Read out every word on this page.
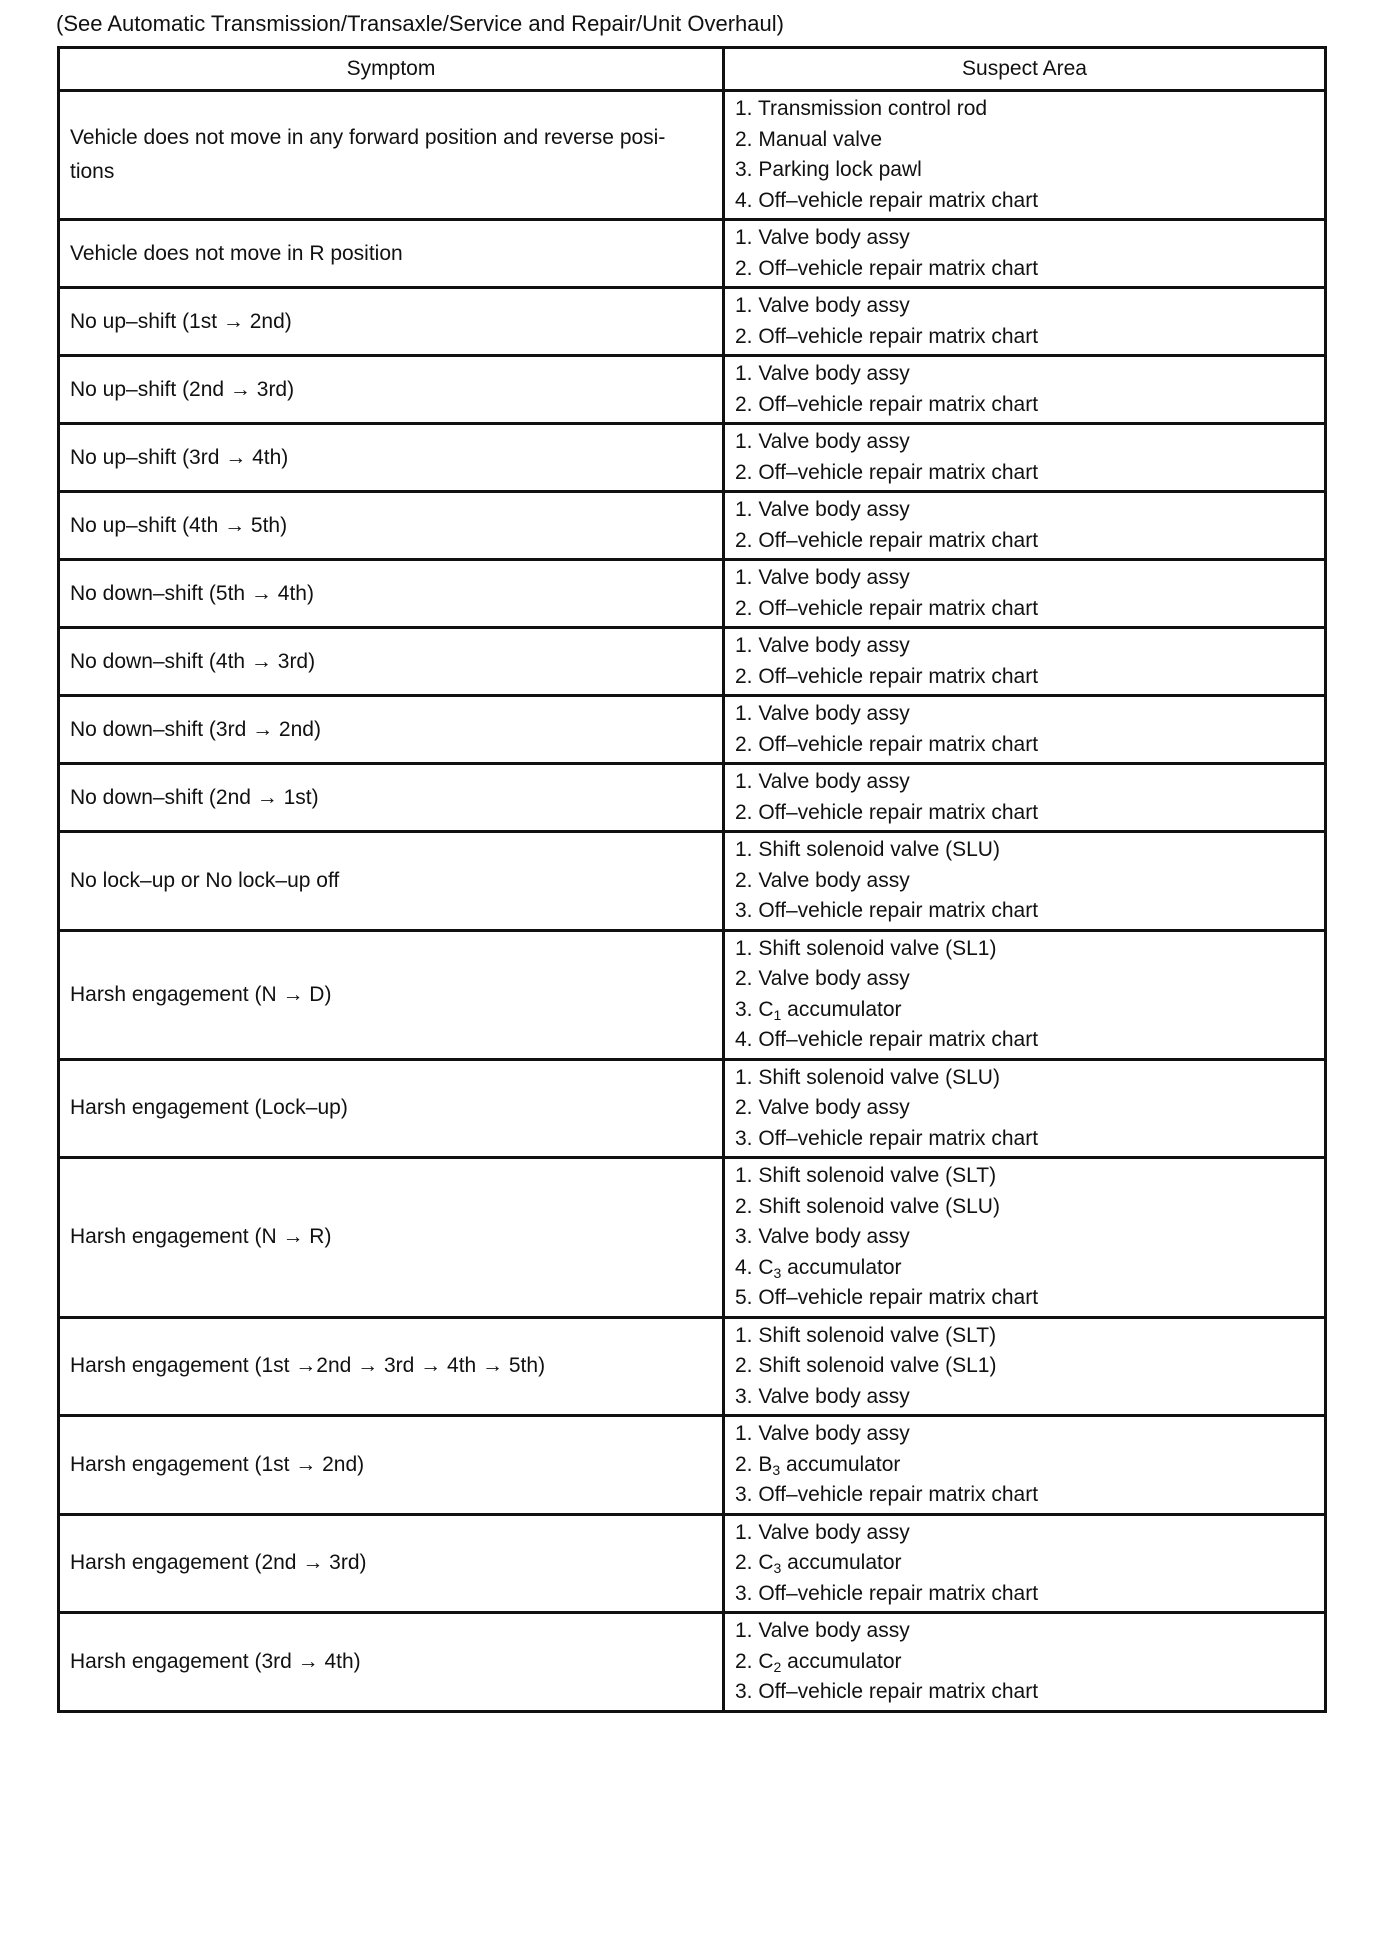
(See Automatic Transmission/Transaxle/Service and Repair/Unit Overhaul)
Symptom	Suspect Area
Vehicle does not move in any forward position and reverse posi-tions	1. Transmission control rod
2. Manual valve
3. Parking lock pawl
4. Off–vehicle repair matrix chart

Vehicle does not move in R position	1. Valve body assy
2. Off–vehicle repair matrix chart

No up–shift (1st → 2nd)	1. Valve body assy
2. Off–vehicle repair matrix chart

No up–shift (2nd → 3rd)	1. Valve body assy
2. Off–vehicle repair matrix chart

No up–shift (3rd → 4th)	1. Valve body assy
2. Off–vehicle repair matrix chart

No up–shift (4th → 5th)	1. Valve body assy
2. Off–vehicle repair matrix chart

No down–shift (5th → 4th)	1. Valve body assy
2. Off–vehicle repair matrix chart

No down–shift (4th → 3rd)	1. Valve body assy
2. Off–vehicle repair matrix chart

No down–shift (3rd → 2nd)	1. Valve body assy
2. Off–vehicle repair matrix chart

No down–shift (2nd → 1st)	1. Valve body assy
2. Off–vehicle repair matrix chart

No lock–up or No lock–up off	1. Shift solenoid valve (SLU)
2. Valve body assy
3. Off–vehicle repair matrix chart

Harsh engagement (N → D)	1. Shift solenoid valve (SL1)
2. Valve body assy
3. $C_1$ accumulator
4. Off–vehicle repair matrix chart

Harsh engagement (Lock–up)	1. Shift solenoid valve (SLU)
2. Valve body assy
3. Off–vehicle repair matrix chart

Harsh engagement (N → R)	1. Shift solenoid valve (SLT)
2. Shift solenoid valve (SLU)
3. Valve body assy
4. $C_3$ accumulator
5. Off–vehicle repair matrix chart

Harsh engagement (1st →2nd → 3rd → 4th → 5th)	1. Shift solenoid valve (SLT)
2. Shift solenoid valve (SL1)
3. Valve body assy

Harsh engagement (1st → 2nd)	1. Valve body assy
2. $B_3$ accumulator
3. Off–vehicle repair matrix chart

Harsh engagement (2nd → 3rd)	1. Valve body assy
2. $C_3$ accumulator
3. Off–vehicle repair matrix chart

Harsh engagement (3rd → 4th)	1. Valve body assy
2. $C_2$ accumulator
3. Off–vehicle repair matrix chart
